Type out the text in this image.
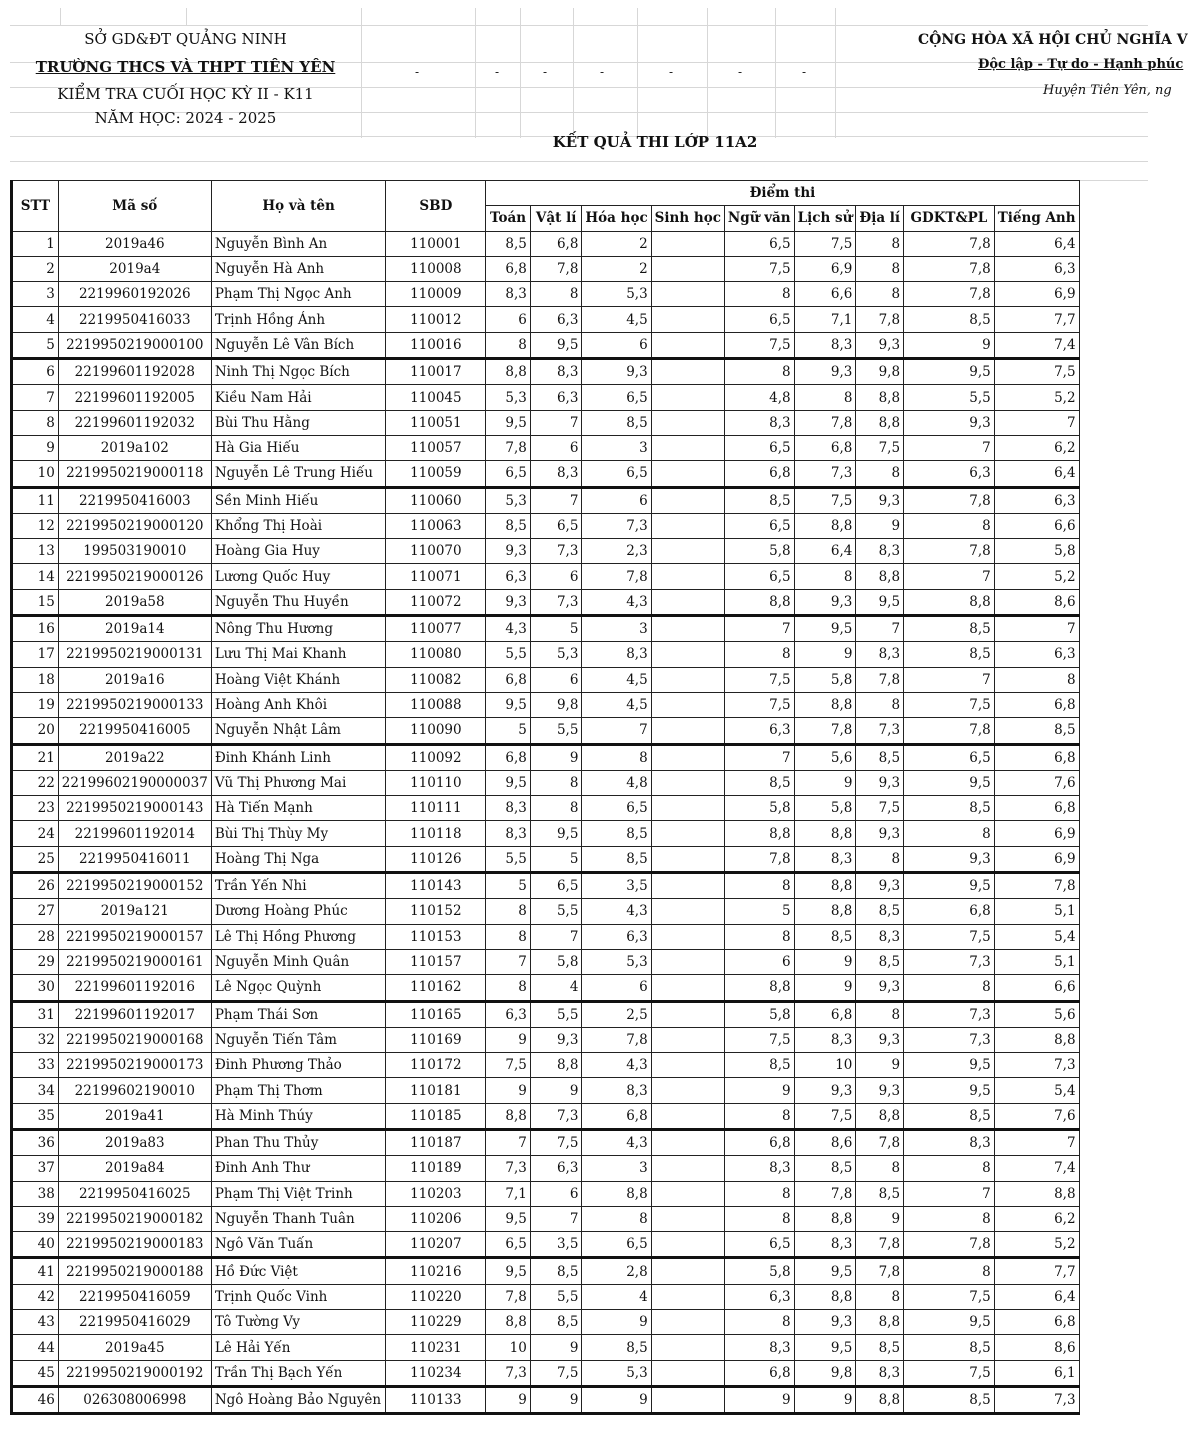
SỞ GD&ĐT QUẢNG NINH
TRƯỜNG THCS VÀ THPT TIÊN YÊN
KIỂM TRA CUỐI HỌC KỲ II - K11
NĂM HỌC: 2024 - 2025
-	-	-	-	-	-	-
CỘNG HÒA XÃ HỘI CHỦ NGHĨA V
Độc lập - Tự do - Hạnh phúc
Huyện Tiên Yên, ng
KẾT QUẢ THI LỚP 11A2
STT	Mã số	Họ và tên	SBD	Điểm thi									
				Toán	Vật lí	Hóa học	Sinh học	Ngữ văn	Lịch sử	Địa lí	GDKT&PL	Tiếng Anh	
1	2019a46	Nguyễn Bình An	110001	8,5	6,8	2		6,5	7,5	8	7,8	6,4	
2	2019a4	Nguyễn Hà Anh	110008	6,8	7,8	2		7,5	6,9	8	7,8	6,3	
3	2219960192026	Phạm Thị Ngọc Anh	110009	8,3	8	5,3		8	6,6	8	7,8	6,9	
4	2219950416033	Trịnh Hồng Ánh	110012	6	6,3	4,5		6,5	7,1	7,8	8,5	7,7	
5	2219950219000100	Nguyễn Lê Vân Bích	110016	8	9,5	6		7,5	8,3	9,3	9	7,4	
6	22199601192028	Ninh Thị Ngọc Bích	110017	8,8	8,3	9,3		8	9,3	9,8	9,5	7,5	
7	22199601192005	Kiều Nam Hải	110045	5,3	6,3	6,5		4,8	8	8,8	5,5	5,2	
8	22199601192032	Bùi Thu Hằng	110051	9,5	7	8,5		8,3	7,8	8,8	9,3	7	
9	2019a102	Hà Gia Hiếu	110057	7,8	6	3		6,5	6,8	7,5	7	6,2	
10	2219950219000118	Nguyễn Lê Trung Hiếu	110059	6,5	8,3	6,5		6,8	7,3	8	6,3	6,4	
11	2219950416003	Sền Minh Hiếu	110060	5,3	7	6		8,5	7,5	9,3	7,8	6,3	
12	2219950219000120	Khổng Thị Hoài	110063	8,5	6,5	7,3		6,5	8,8	9	8	6,6	
13	199503190010	Hoàng Gia Huy	110070	9,3	7,3	2,3		5,8	6,4	8,3	7,8	5,8	
14	2219950219000126	Lương Quốc Huy	110071	6,3	6	7,8		6,5	8	8,8	7	5,2	
15	2019a58	Nguyễn Thu Huyền	110072	9,3	7,3	4,3		8,8	9,3	9,5	8,8	8,6	
16	2019a14	Nông Thu Hương	110077	4,3	5	3		7	9,5	7	8,5	7	
17	2219950219000131	Lưu Thị Mai Khanh	110080	5,5	5,3	8,3		8	9	8,3	8,5	6,3	
18	2019a16	Hoàng Việt Khánh	110082	6,8	6	4,5		7,5	5,8	7,8	7	8	
19	2219950219000133	Hoàng Anh Khôi	110088	9,5	9,8	4,5		7,5	8,8	8	7,5	6,8	
20	2219950416005	Nguyễn Nhật Lâm	110090	5	5,5	7		6,3	7,8	7,3	7,8	8,5	
21	2019a22	Đinh Khánh Linh	110092	6,8	9	8		7	5,6	8,5	6,5	6,8	
22	22199602190000037	Vũ Thị Phương Mai	110110	9,5	8	4,8		8,5	9	9,3	9,5	7,6	
23	2219950219000143	Hà Tiến Mạnh	110111	8,3	8	6,5		5,8	5,8	7,5	8,5	6,8	
24	22199601192014	Bùi Thị Thùy My	110118	8,3	9,5	8,5		8,8	8,8	9,3	8	6,9	
25	2219950416011	Hoàng Thị Nga	110126	5,5	5	8,5		7,8	8,3	8	9,3	6,9	
26	2219950219000152	Trần Yến Nhi	110143	5	6,5	3,5		8	8,8	9,3	9,5	7,8	
27	2019a121	Dương Hoàng Phúc	110152	8	5,5	4,3		5	8,8	8,5	6,8	5,1	
28	2219950219000157	Lê Thị Hồng Phương	110153	8	7	6,3		8	8,5	8,3	7,5	5,4	
29	2219950219000161	Nguyễn Minh Quân	110157	7	5,8	5,3		6	9	8,5	7,3	5,1	
30	22199601192016	Lê Ngọc Quỳnh	110162	8	4	6		8,8	9	9,3	8	6,6	
31	22199601192017	Phạm Thái Sơn	110165	6,3	5,5	2,5		5,8	6,8	8	7,3	5,6	
32	2219950219000168	Nguyễn Tiến Tâm	110169	9	9,3	7,8		7,5	8,3	9,3	7,3	8,8	
33	2219950219000173	Đinh Phương Thảo	110172	7,5	8,8	4,3		8,5	10	9	9,5	7,3	
34	22199602190010	Phạm Thị Thơm	110181	9	9	8,3		9	9,3	9,3	9,5	5,4	
35	2019a41	Hà Minh Thúy	110185	8,8	7,3	6,8		8	7,5	8,8	8,5	7,6	
36	2019a83	Phan Thu Thủy	110187	7	7,5	4,3		6,8	8,6	7,8	8,3	7	
37	2019a84	Đinh Anh Thư	110189	7,3	6,3	3		8,3	8,5	8	8	7,4	
38	2219950416025	Phạm Thị Việt Trinh	110203	7,1	6	8,8		8	7,8	8,5	7	8,8	
39	2219950219000182	Nguyễn Thanh Tuân	110206	9,5	7	8		8	8,8	9	8	6,2	
40	2219950219000183	Ngô Văn Tuấn	110207	6,5	3,5	6,5		6,5	8,3	7,8	7,8	5,2	
41	2219950219000188	Hồ Đức Việt	110216	9,5	8,5	2,8		5,8	9,5	7,8	8	7,7	
42	2219950416059	Trịnh Quốc Vinh	110220	7,8	5,5	4		6,3	8,8	8	7,5	6,4	
43	2219950416029	Tô Tường Vy	110229	8,8	8,5	9		8	9,3	8,8	9,5	6,8	
44	2019a45	Lê Hải Yến	110231	10	9	8,5		8,3	9,5	8,5	8,5	8,6	
45	2219950219000192	Trần Thị Bạch Yến	110234	7,3	7,5	5,3		6,8	9,8	8,3	7,5	6,1	
46	026308006998	Ngô Hoàng Bảo Nguyên	110133	9	9	9		9	9	8,8	8,5	7,3	
